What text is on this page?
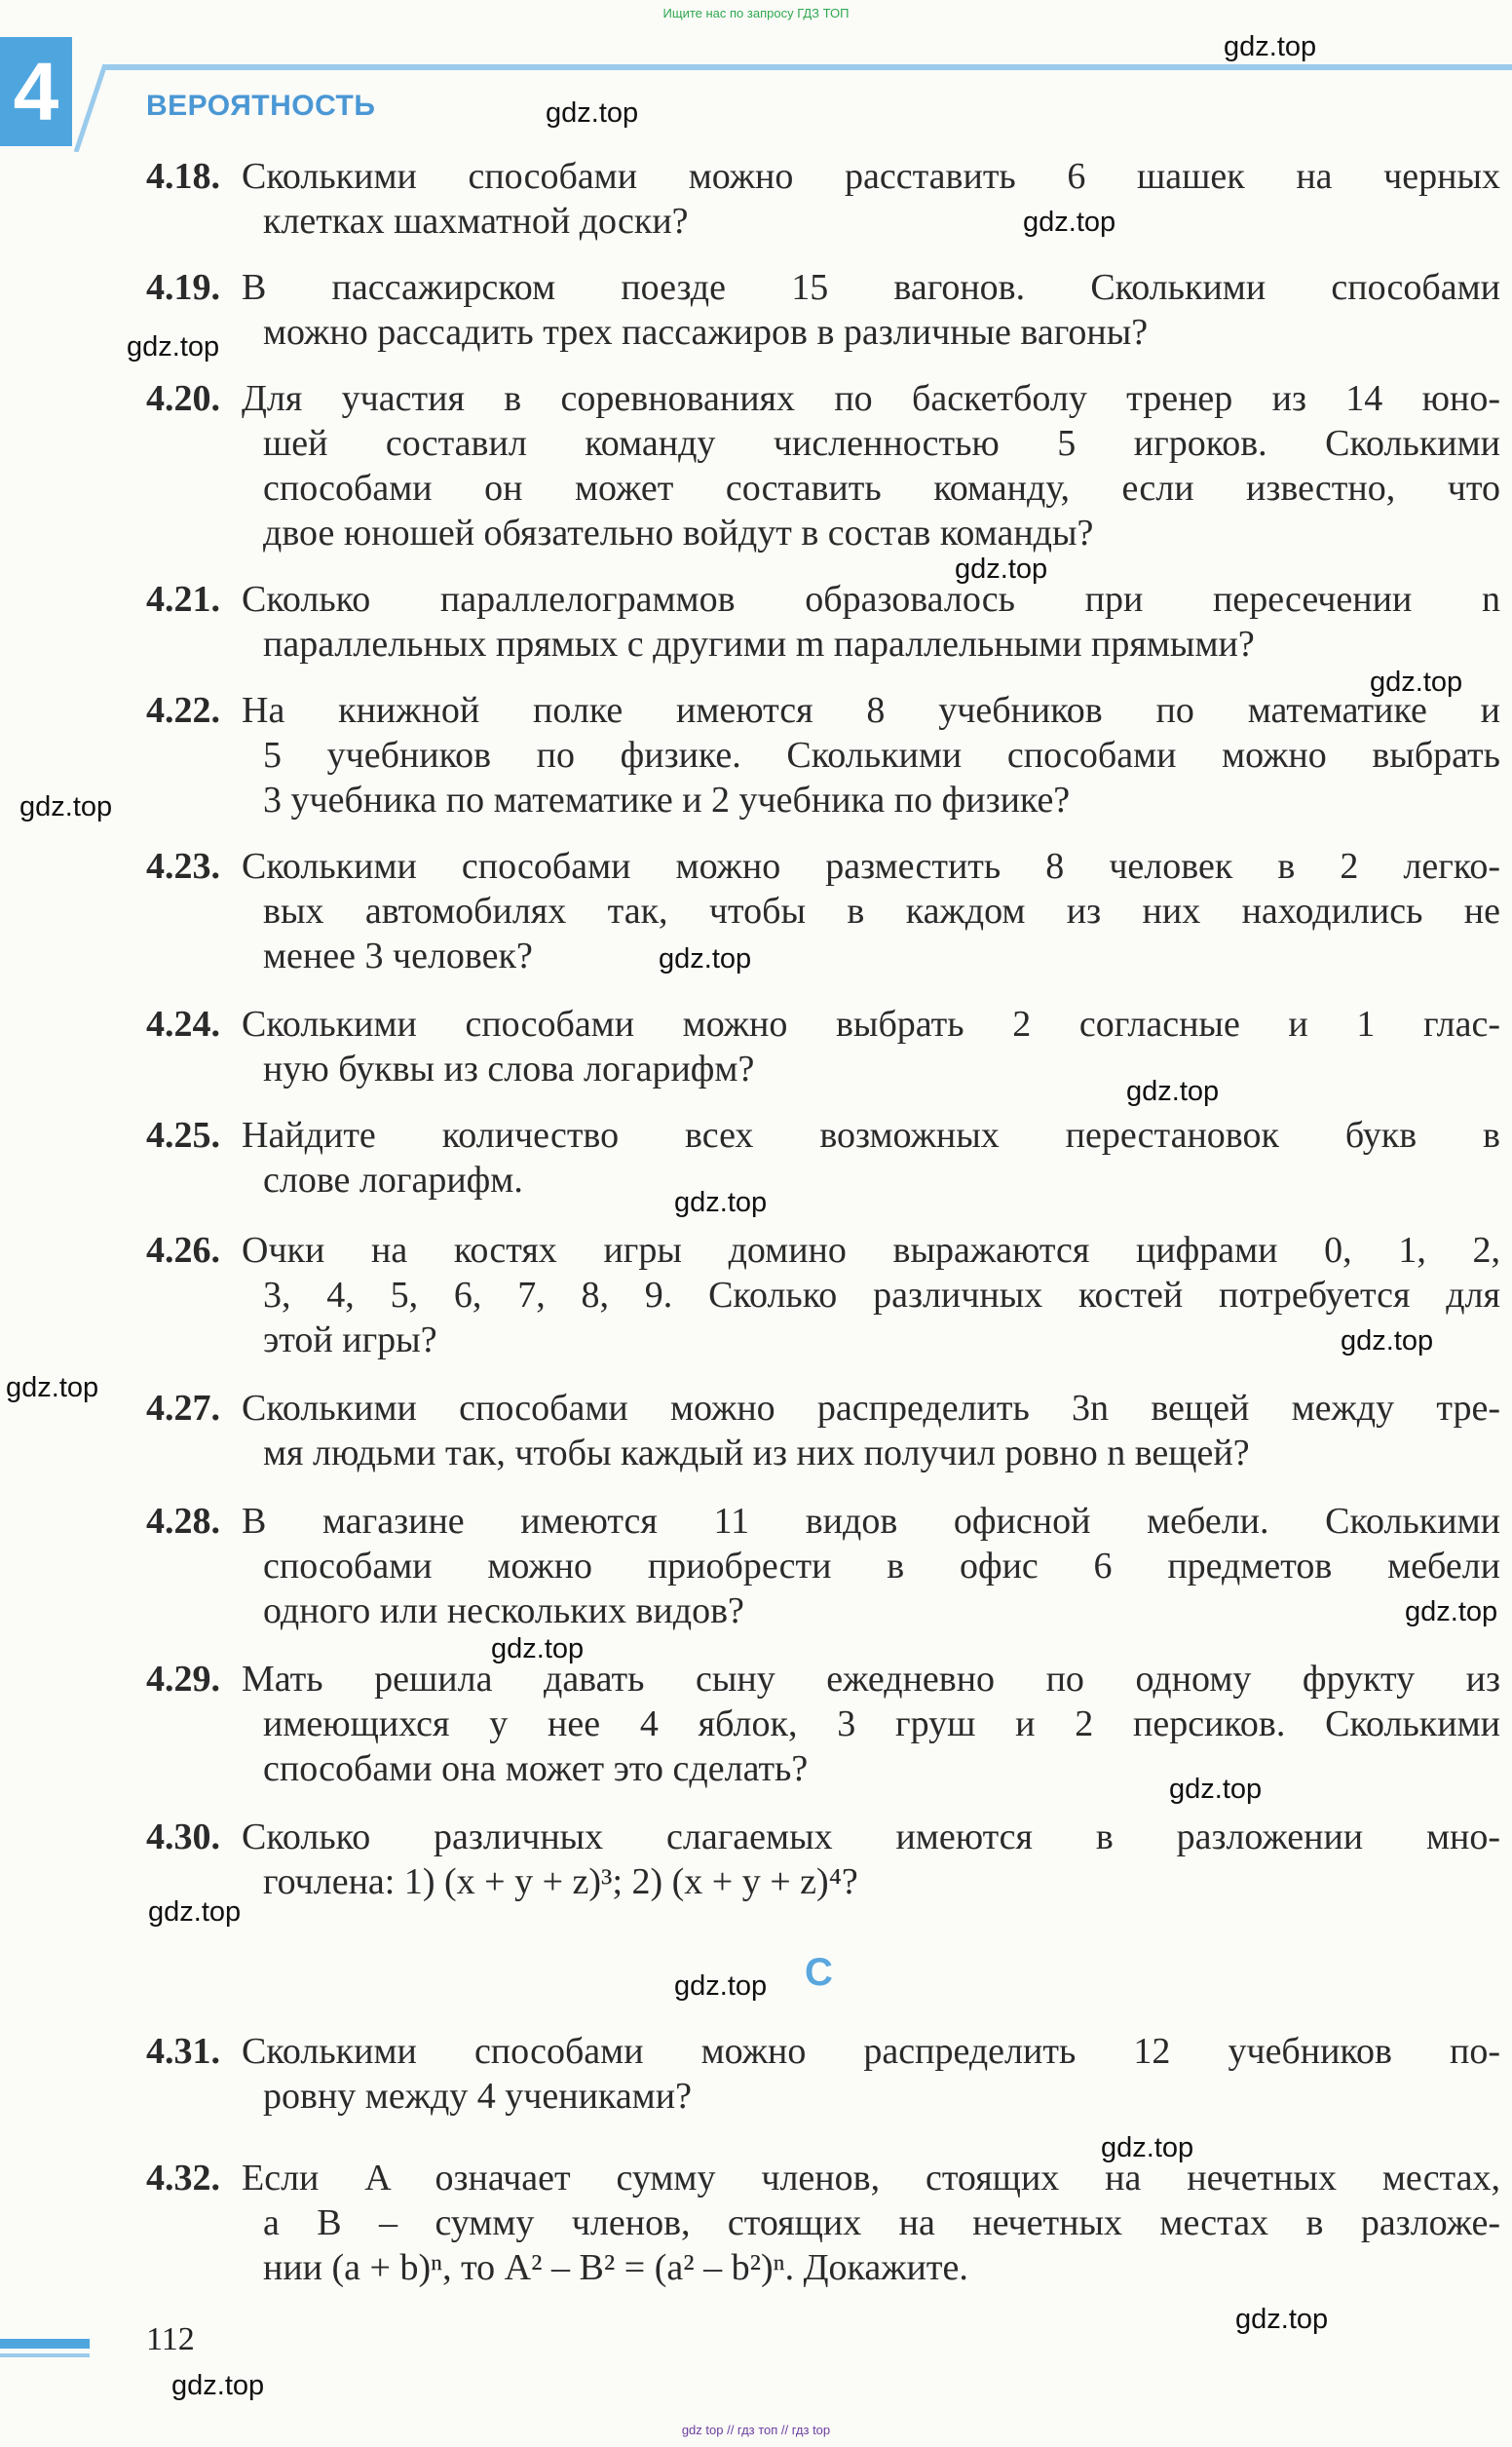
Ищите нас по запросу ГДЗ ТОП
4	ВЕРОЯТНОСТЬ
4.18. Сколькими способами можно расставить 6 шашек на черных
клетках шахматной доски?
4.19. В пассажирском поезде 15 вагонов. Сколькими способами
можно рассадить трех пассажиров в различные вагоны?
4.20. Для участия в соревнованиях по баскетболу тренер из 14 юно-
шей составил команду численностью 5 игроков. Сколькими
способами он может составить команду, если известно, что
двое юношей обязательно войдут в состав команды?
4.21. Сколько параллелограммов образовалось при пересечении n
параллельных прямых с другими m параллельными прямыми?
4.22. На книжной полке имеются 8 учебников по математике и
5 учебников по физике. Сколькими способами можно выбрать
3 учебника по математике и 2 учебника по физике?
4.23. Сколькими способами можно разместить 8 человек в 2 легко-
вых автомобилях так, чтобы в каждом из них находились не
менее 3 человек?
4.24. Сколькими способами можно выбрать 2 согласные и 1 глас-
ную буквы из слова логарифм?
4.25. Найдите количество всех возможных перестановок букв в
слове логарифм.
4.26. Очки на костях игры домино выражаются цифрами 0, 1, 2,
3, 4, 5, 6, 7, 8, 9. Сколько различных костей потребуется для
этой игры?
4.27. Сколькими способами можно распределить 3n вещей между тре-
мя людьми так, чтобы каждый из них получил ровно n вещей?
4.28. В магазине имеются 11 видов офисной мебели. Сколькими
способами можно приобрести в офис 6 предметов мебели
одного или нескольких видов?
4.29. Мать решила давать сыну ежедневно по одному фрукту из
имеющихся у нее 4 яблок, 3 груш и 2 персиков. Сколькими
способами она может это сделать?
4.30. Сколько различных слагаемых имеются в разложении мно-
гочлена: 1) (x + y + z)³; 2) (x + y + z)⁴?
C
4.31. Сколькими способами можно распределить 12 учебников по-
ровну между 4 учениками?
4.32. Если A означает сумму членов, стоящих на нечетных местах,
а B – сумму членов, стоящих на нечетных местах в разложе-
нии (a + b)ⁿ, то A² – B² = (a² – b²)ⁿ. Докажите.
gdz.top
gdz.top
gdz.top
gdz.top
gdz.top
gdz.top
gdz.top
gdz.top
gdz.top
gdz.top
gdz.top
gdz.top
gdz.top
gdz.top
gdz.top
gdz.top
gdz.top
gdz.top
gdz.top
gdz.top
112
gdz top // гдз топ // гдз top
